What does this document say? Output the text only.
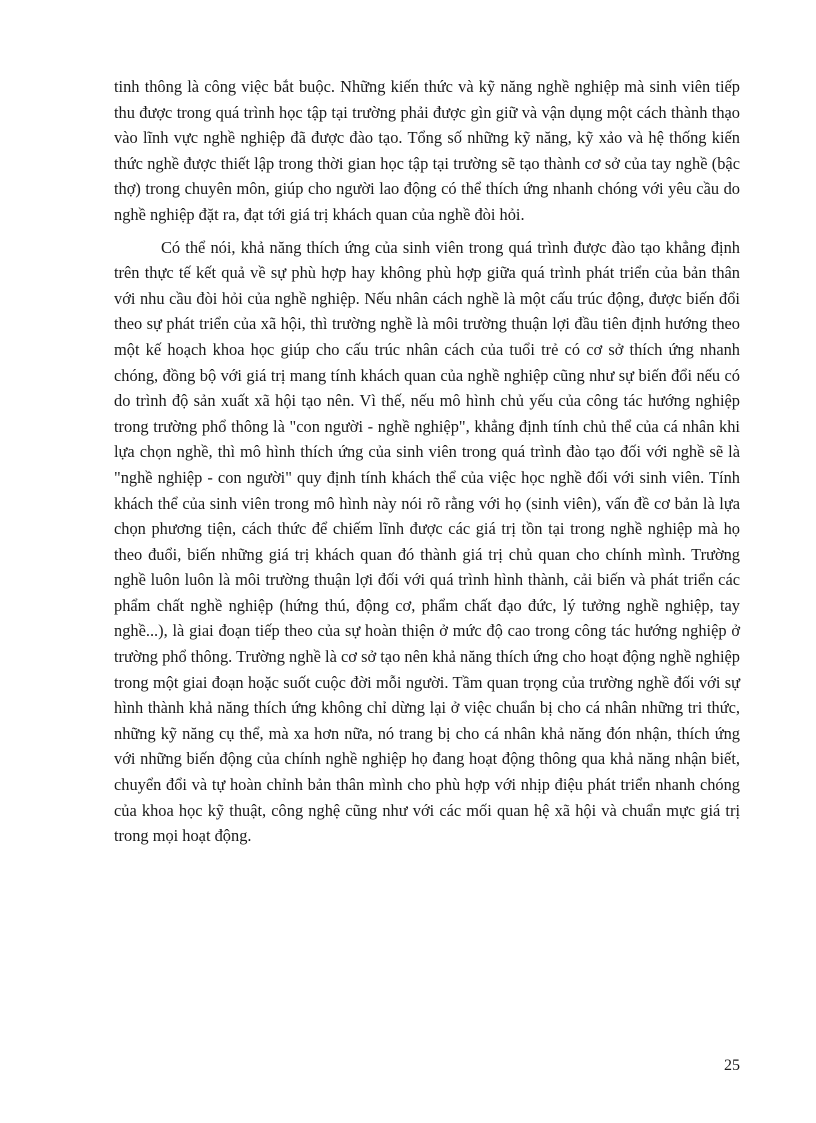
tinh thông là công việc bắt buộc. Những kiến thức và kỹ năng nghề nghiệp mà sinh viên tiếp thu được trong quá trình học tập tại trường phải được gìn giữ và vận dụng một cách thành thạo vào lĩnh vực nghề nghiệp đã được đào tạo. Tổng số những kỹ năng, kỹ xảo và hệ thống kiến thức nghề được thiết lập trong thời gian học tập tại trường sẽ tạo thành cơ sở của tay nghề (bậc thợ) trong chuyên môn, giúp cho người lao động có thể thích ứng nhanh chóng với yêu cầu do nghề nghiệp đặt ra, đạt tới giá trị khách quan của nghề đòi hỏi.

Có thể nói, khả năng thích ứng của sinh viên trong quá trình được đào tạo khẳng định trên thực tế kết quả về sự phù hợp hay không phù hợp giữa quá trình phát triển của bản thân với nhu cầu đòi hỏi của nghề nghiệp. Nếu nhân cách nghề là một cấu trúc động, được biến đổi theo sự phát triển của xã hội, thì trường nghề là môi trường thuận lợi đầu tiên định hướng theo một kế hoạch khoa học giúp cho cấu trúc nhân cách của tuổi trẻ có cơ sở thích ứng nhanh chóng, đồng bộ với giá trị mang tính khách quan của nghề nghiệp cũng như sự biến đổi nếu có do trình độ sản xuất xã hội tạo nên. Vì thế, nếu mô hình chủ yếu của công tác hướng nghiệp trong trường phổ thông là "con người - nghề nghiệp", khẳng định tính chủ thể của cá nhân khi lựa chọn nghề, thì mô hình thích ứng của sinh viên trong quá trình đào tạo đối với nghề sẽ là "nghề nghiệp - con người" quy định tính khách thể của việc học nghề đối với sinh viên. Tính khách thể của sinh viên trong mô hình này nói rõ rằng với họ (sinh viên), vấn đề cơ bản là lựa chọn phương tiện, cách thức để chiếm lĩnh được các giá trị tồn tại trong nghề nghiệp mà họ theo đuổi, biến những giá trị khách quan đó thành giá trị chủ quan cho chính mình. Trường nghề luôn luôn là môi trường thuận lợi đối với quá trình hình thành, cải biến và phát triển các phẩm chất nghề nghiệp (hứng thú, động cơ, phẩm chất đạo đức, lý tưởng nghề nghiệp, tay nghề...), là giai đoạn tiếp theo của sự hoàn thiện ở mức độ cao trong công tác hướng nghiệp ở trường phổ thông. Trường nghề là cơ sở tạo nên khả năng thích ứng cho hoạt động nghề nghiệp trong một giai đoạn hoặc suốt cuộc đời mỗi người. Tầm quan trọng của trường nghề đối với sự hình thành khả năng thích ứng không chỉ dừng lại ở việc chuẩn bị cho cá nhân những tri thức, những kỹ năng cụ thể, mà xa hơn nữa, nó trang bị cho cá nhân khả năng đón nhận, thích ứng với những biến động của chính nghề nghiệp họ đang hoạt động thông qua khả năng nhận biết, chuyển đổi và tự hoàn chỉnh bản thân mình cho phù hợp với nhịp điệu phát triển nhanh chóng của khoa học kỹ thuật, công nghệ cũng như với các mối quan hệ xã hội và chuẩn mực giá trị trong mọi hoạt động.

25
